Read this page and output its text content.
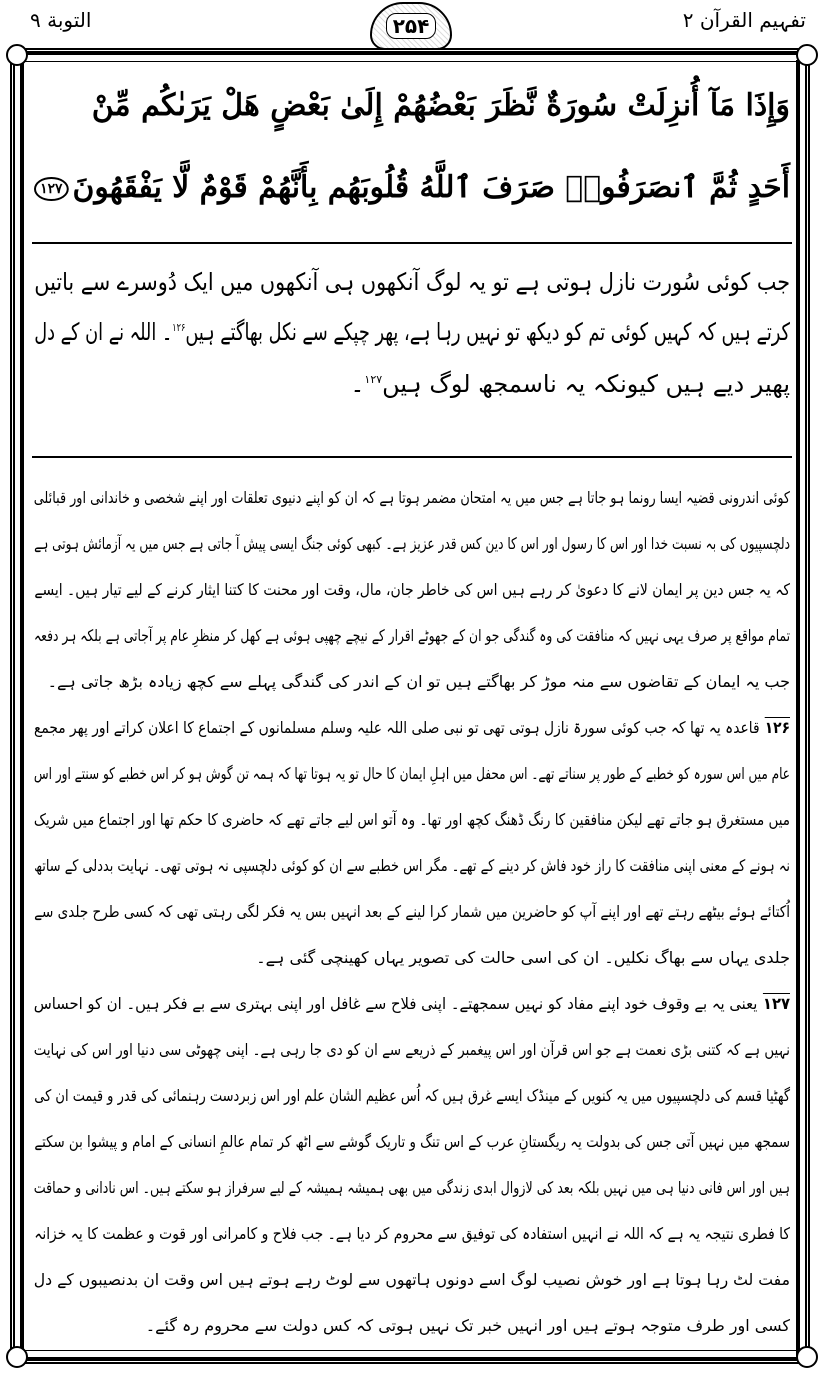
تفہیم القرآن ۲
۲۵۴
التوبة ۹
وَإِذَا مَآ أُنزِلَتْ سُورَةٌ نَّظَرَ بَعْضُهُمْ إِلَىٰ بَعْضٍ هَلْ يَرَىٰكُم مِّنْ
أَحَدٍ ثُمَّ ٱنصَرَفُوا۟ صَرَفَ ٱللَّهُ قُلُوبَهُم بِأَنَّهُمْ قَوْمٌ لَّا يَفْقَهُونَ۱۲۷
جب کوئی سُورت نازل ہوتی ہے تو یہ لوگ آنکھوں ہی آنکھوں میں ایک دُوسرے سے باتیں
کرتے ہیں کہ کہیں کوئی تم کو دیکھ تو نہیں رہا ہے، پھر چپکے سے نکل بھاگتے ہیں$^{۱۲۶}$۔ اللہ نے ان کے دل
پھیر دیے ہیں کیونکہ یہ ناسمجھ لوگ ہیں$^{۱۲۷}$۔
کوئی اندرونی قضیہ ایسا رونما ہو جاتا ہے جس میں یہ امتحان مضمر ہوتا ہے کہ ان کو اپنے دنیوی تعلقات اور اپنے شخصی و خاندانی اور قبائلی
دلچسپیوں کی بہ نسبت خدا اور اس کا رسول اور اس کا دین کس قدر عزیز ہے۔ کبھی کوئی جنگ ایسی پیش آ جاتی ہے جس میں یہ آزمائش ہوتی ہے
کہ یہ جس دین پر ایمان لانے کا دعویٰ کر رہے ہیں اس کی خاطر جان، مال، وقت اور محنت کا کتنا ایثار کرنے کے لیے تیار ہیں۔ ایسے
تمام مواقع پر صرف یہی نہیں کہ منافقت کی وہ گندگی جو ان کے جھوٹے اقرار کے نیچے چھپی ہوئی ہے کھل کر منظرِ عام پر آجاتی ہے بلکہ ہر دفعہ
جب یہ ایمان کے تقاضوں سے منہ موڑ کر بھاگتے ہیں تو ان کے اندر کی گندگی پہلے سے کچھ زیادہ بڑھ جاتی ہے۔
۱۲۶قاعدہ یہ تھا کہ جب کوئی سورۃ نازل ہوتی تھی تو نبی صلی اللہ علیہ وسلم مسلمانوں کے اجتماع کا اعلان کراتے اور پھر مجمع
عام میں اس سورہ کو خطبے کے طور پر سناتے تھے۔ اس محفل میں اہلِ ایمان کا حال تو یہ ہوتا تھا کہ ہمہ تن گوش ہو کر اس خطبے کو سنتے اور اس
میں مستغرق ہو جاتے تھے لیکن منافقین کا رنگ ڈھنگ کچھ اور تھا۔ وہ آتو اس لیے جاتے تھے کہ حاضری کا حکم تھا اور اجتماع میں شریک
نہ ہونے کے معنی اپنی منافقت کا راز خود فاش کر دینے کے تھے۔ مگر اس خطبے سے ان کو کوئی دلچسپی نہ ہوتی تھی۔ نہایت بددلی کے ساتھ
اُکتائے ہوئے بیٹھے رہتے تھے اور اپنے آپ کو حاضرین میں شمار کرا لینے کے بعد انہیں بس یہ فکر لگی رہتی تھی کہ کسی طرح جلدی سے
جلدی یہاں سے بھاگ نکلیں۔ ان کی اسی حالت کی تصویر یہاں کھینچی گئی ہے۔
۱۲۷یعنی یہ بے وقوف خود اپنے مفاد کو نہیں سمجھتے۔ اپنی فلاح سے غافل اور اپنی بہتری سے بے فکر ہیں۔ ان کو احساس
نہیں ہے کہ کتنی بڑی نعمت ہے جو اس قرآن اور اس پیغمبر کے ذریعے سے ان کو دی جا رہی ہے۔ اپنی چھوٹی سی دنیا اور اس کی نہایت
گھٹیا قسم کی دلچسپیوں میں یہ کنویں کے مینڈک ایسے غرق ہیں کہ اُس عظیم الشان علم اور اس زبردست رہنمائی کی قدر و قیمت ان کی
سمجھ میں نہیں آتی جس کی بدولت یہ ریگستانِ عرب کے اس تنگ و تاریک گوشے سے اٹھ کر تمام عالمِ انسانی کے امام و پیشوا بن سکتے
ہیں اور اس فانی دنیا ہی میں نہیں بلکہ بعد کی لازوال ابدی زندگی میں بھی ہمیشہ ہمیشہ کے لیے سرفراز ہو سکتے ہیں۔ اس نادانی و حماقت
کا فطری نتیجہ یہ ہے کہ اللہ نے انہیں استفادہ کی توفیق سے محروم کر دیا ہے۔ جب فلاح و کامرانی اور قوت و عظمت کا یہ خزانہ
مفت لٹ رہا ہوتا ہے اور خوش نصیب لوگ اسے دونوں ہاتھوں سے لوٹ رہے ہوتے ہیں اس وقت ان بدنصیبوں کے دل
کسی اور طرف متوجہ ہوتے ہیں اور انہیں خبر تک نہیں ہوتی کہ کس دولت سے محروم رہ گئے۔
